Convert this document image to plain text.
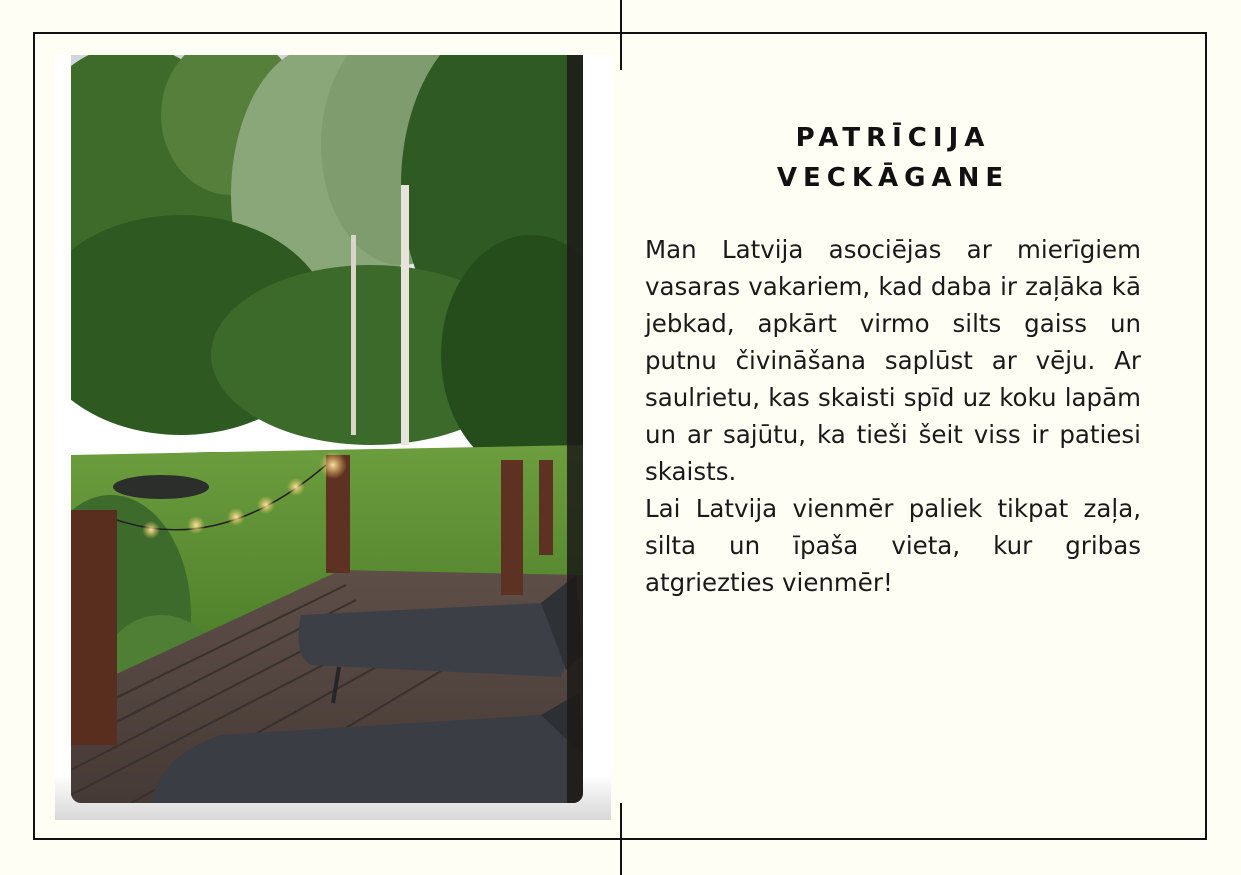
PATRĪCIJA
VECKĀGANE

Man Latvija asociējas ar mierīgiem vasaras vakariem, kad daba ir zaļāka kā jebkad, apkārt virmo silts gaiss un putnu čivināšana saplūst ar vēju. Ar saulrietu, kas skaisti spīd uz koku lapām un ar sajūtu, ka tieši šeit viss ir patiesi skaists.

Lai Latvija vienmēr paliek tikpat zaļa, silta un īpaša vieta, kur gribas atgriezties vienmēr!
